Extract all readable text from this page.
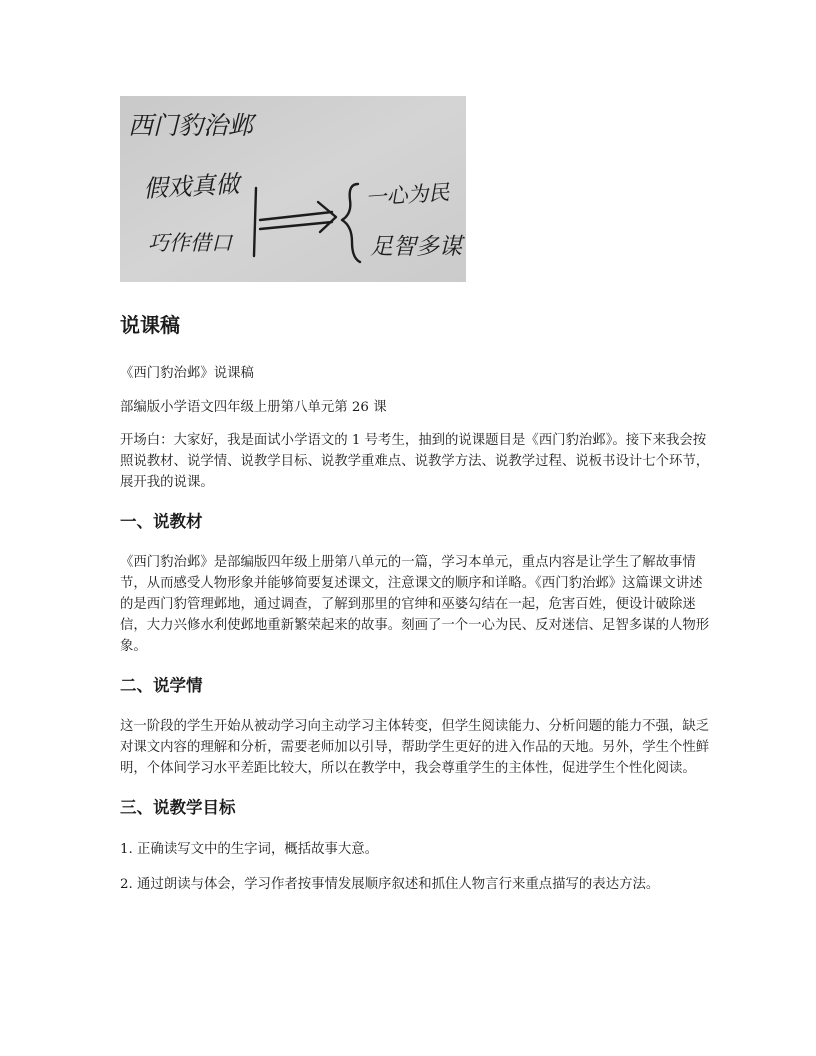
西门豹治邺
假戏真做
巧作借口
一心为民
足智多谋
说课稿

《西门豹治邺》说课稿

部编版小学语文四年级上册第八单元第 26 课

开场白：大家好，我是面试小学语文的 1 号考生，抽到的说课题目是《西门豹治邺》。接下来我会按照说教材、说学情、说教学目标、说教学重难点、说教学方法、说教学过程、说板书设计七个环节，展开我的说课。

一、说教材

《西门豹治邺》是部编版四年级上册第八单元的一篇，学习本单元，重点内容是让学生了解故事情节，从而感受人物形象并能够简要复述课文，注意课文的顺序和详略。《西门豹治邺》这篇课文讲述的是西门豹管理邺地，通过调查，了解到那里的官绅和巫婆勾结在一起，危害百姓，便设计破除迷信，大力兴修水利使邺地重新繁荣起来的故事。刻画了一个一心为民、反对迷信、足智多谋的人物形象。

二、说学情

这一阶段的学生开始从被动学习向主动学习主体转变，但学生阅读能力、分析问题的能力不强，缺乏对课文内容的理解和分析，需要老师加以引导，帮助学生更好的进入作品的天地。另外，学生个性鲜明，个体间学习水平差距比较大，所以在教学中，我会尊重学生的主体性，促进学生个性化阅读。

三、说教学目标

1. 正确读写文中的生字词，概括故事大意。

2. 通过朗读与体会，学习作者按事情发展顺序叙述和抓住人物言行来重点描写的表达方法。
